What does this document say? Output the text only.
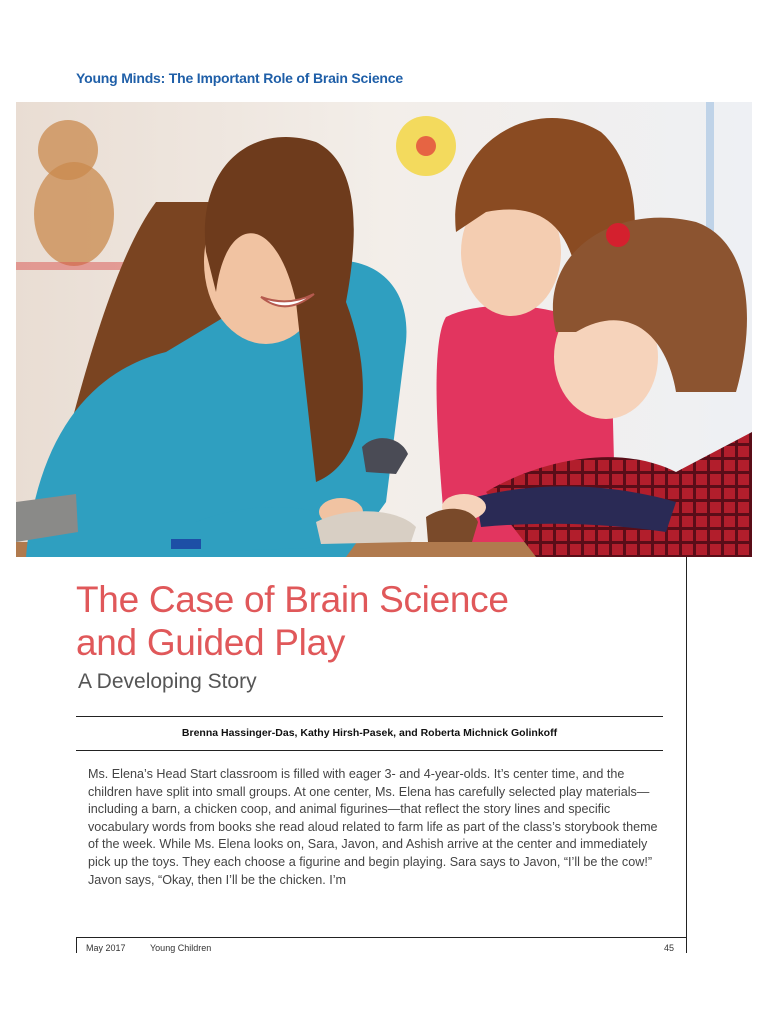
Young Minds: The Important Role of Brain Science
The Case of Brain Science
and Guided Play
A Developing Story
Brenna Hassinger-Das, Kathy Hirsh-Pasek, and Roberta Michnick Golinkoff

Ms. Elena’s Head Start classroom is filled with eager 3- and 4-year-olds. It’s center time, and the children have split into small groups. At one center, Ms. Elena has carefully selected play materials—including a barn, a chicken coop, and animal figurines—that reflect the story lines and specific vocabulary words from books she read aloud related to farm life as part of the class’s storybook theme of the week. While Ms. Elena looks on, Sara, Javon, and Ashish arrive at the center and immediately pick up the toys. They each choose a figurine and begin playing. Sara says to Javon, “I’ll be the cow!” Javon says, “Okay, then I’ll be the chicken. I’m

May 2017	Young Children	45
